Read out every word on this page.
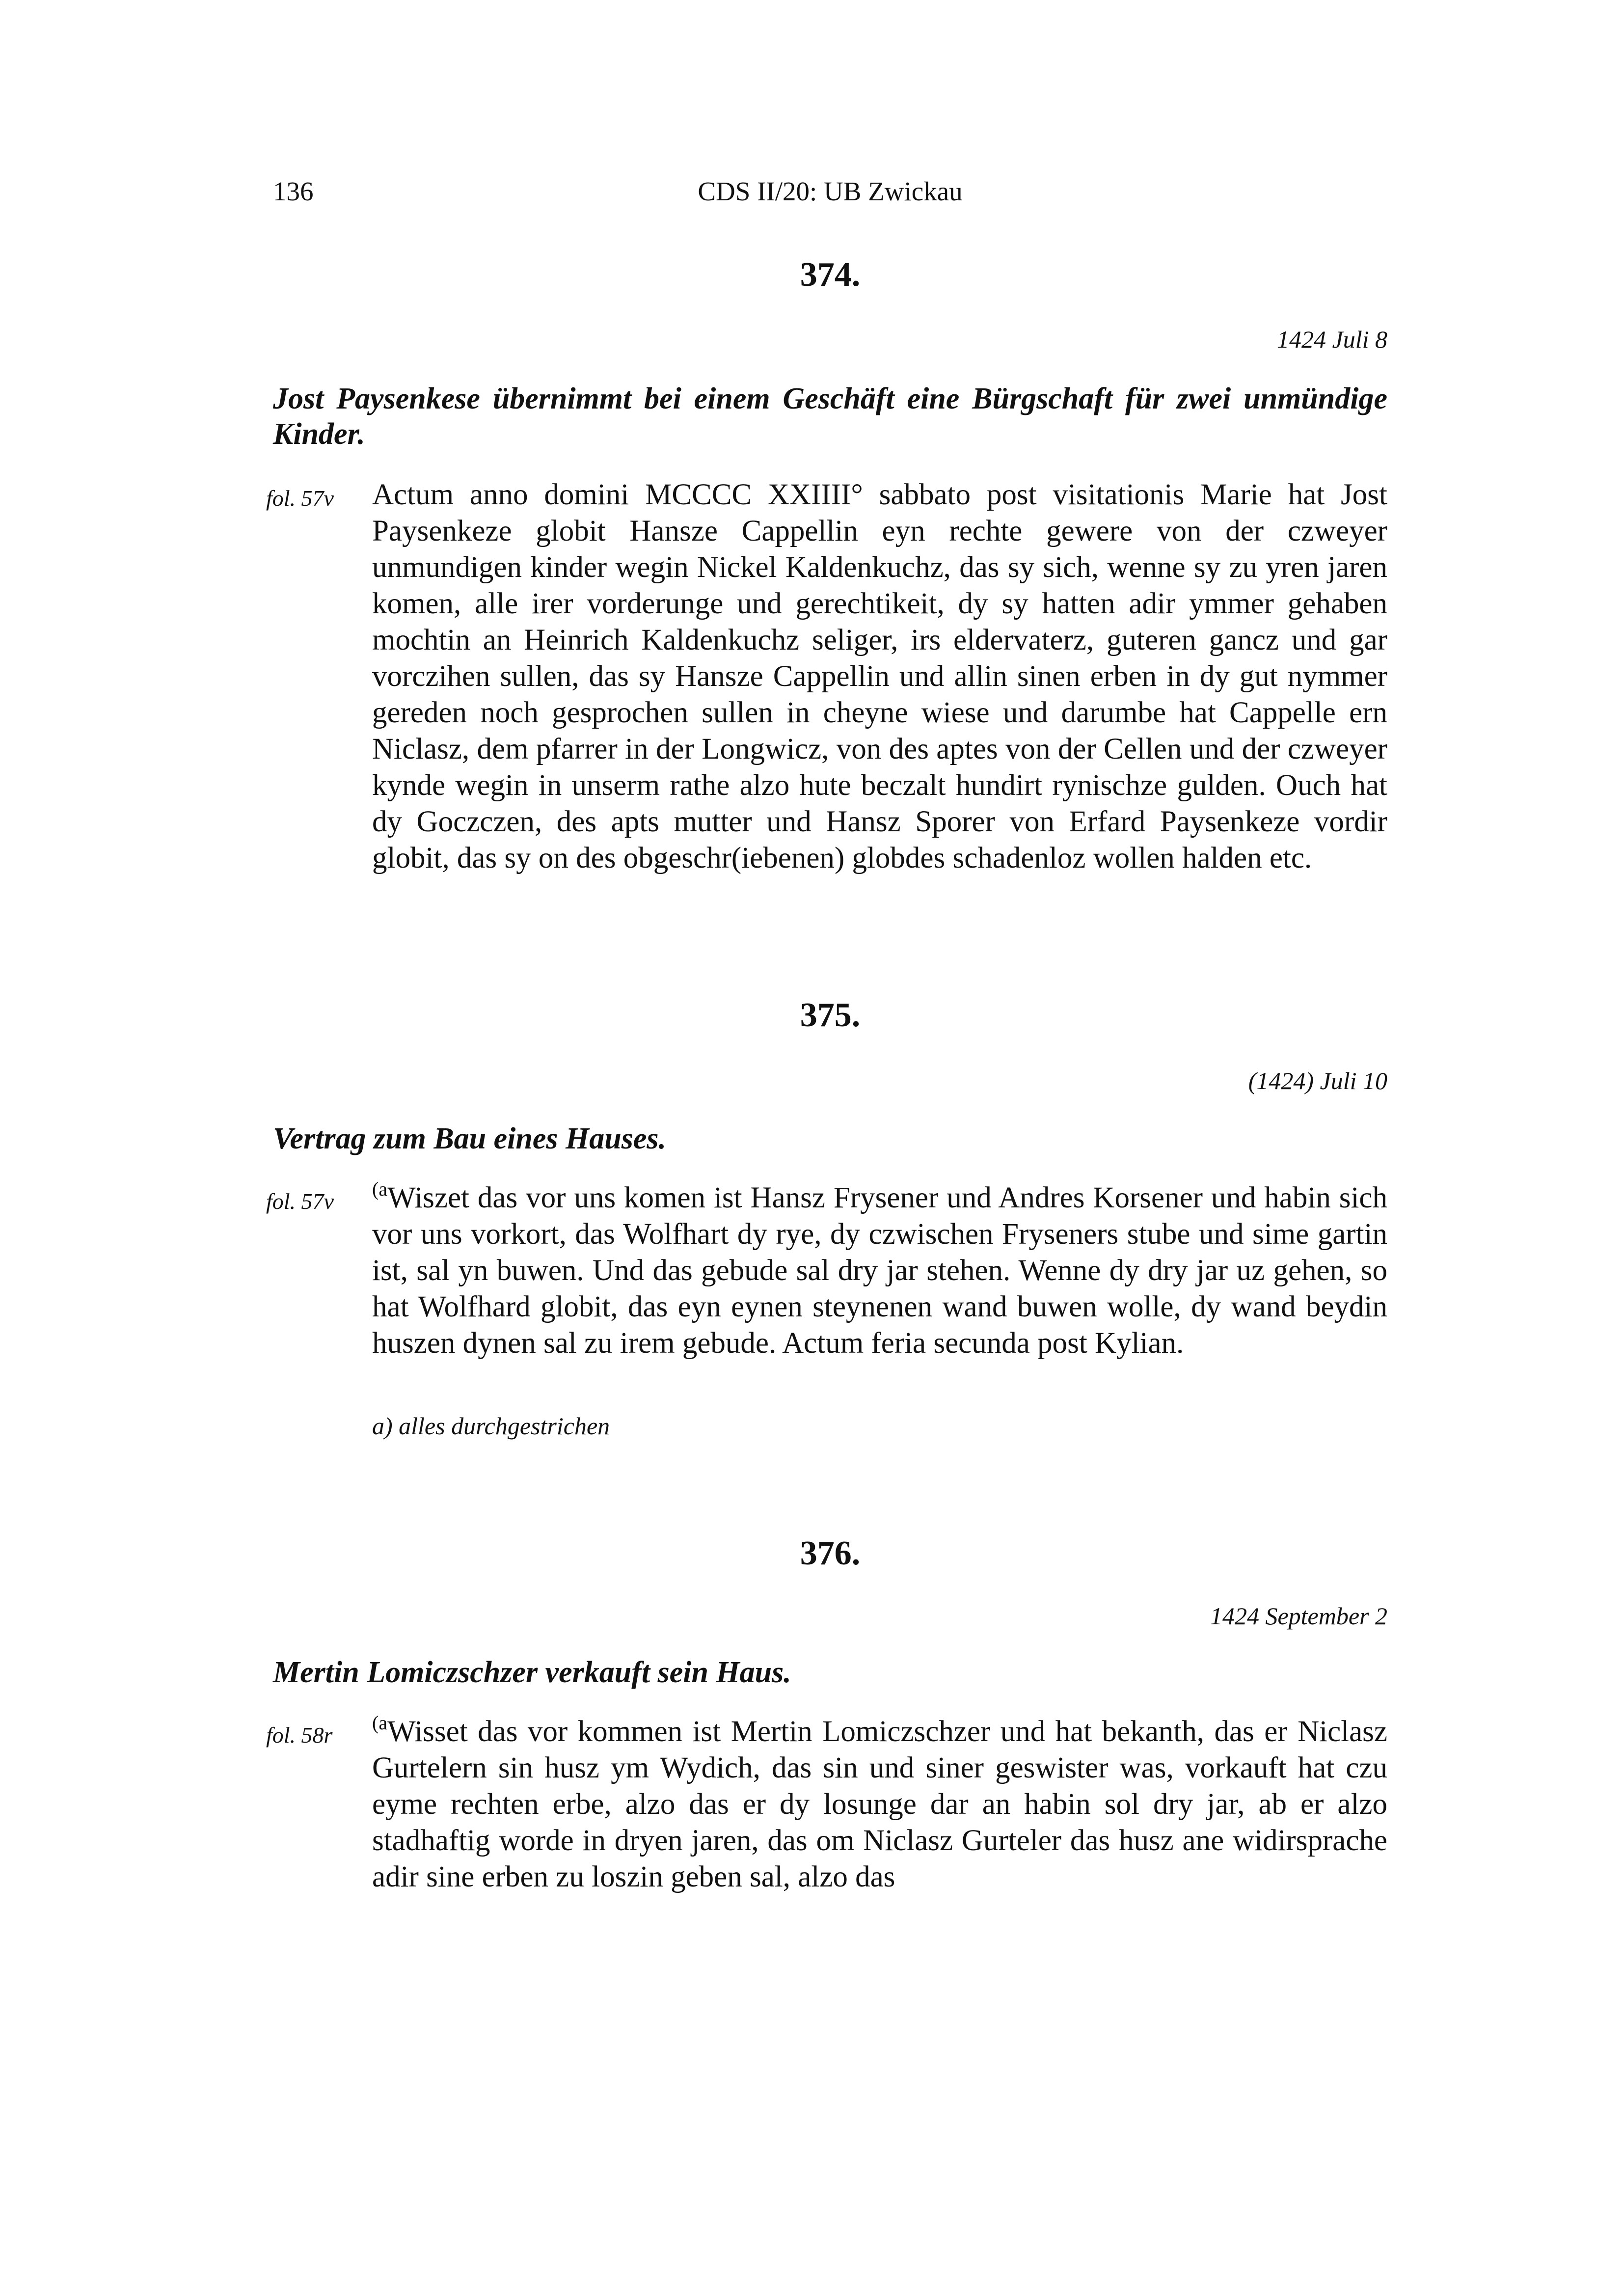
136	CDS II/20: UB Zwickau
374.
1424 Juli 8
Jost Paysenkese übernimmt bei einem Geschäft eine Bürgschaft für zwei unmündige Kinder.
fol. 57v Actum anno domini MCCCC XXIIII° sabbato post visitationis Marie hat Jost Paysenkeze globit Hansze Cappellin eyn rechte gewere von der czweyer unmundigen kinder wegin Nickel Kaldenkuchz, das sy sich, wenne sy zu yren jaren komen, alle irer vorderunge und gerechtikeit, dy sy hatten adir ymmer gehaben mochtin an Heinrich Kaldenkuchz seliger, irs eldervaterz, guteren gancz und gar vorczihen sullen, das sy Hansze Cappellin und allin sinen erben in dy gut nymmer gereden noch gesprochen sullen in cheyne wiese und darumbe hat Cappelle ern Niclasz, dem pfarrer in der Longwicz, von des aptes von der Cellen und der czweyer kynde wegin in unserm rathe alzo hute beczalt hundirt rynischze gulden. Ouch hat dy Goczczen, des apts mutter und Hansz Sporer von Erfard Paysenkeze vordir globit, das sy on des obgeschr(iebenen) globdes schadenloz wollen halden etc.
375.
(1424) Juli 10
Vertrag zum Bau eines Hauses.
fol. 57v $^{(a}$Wiszet das vor uns komen ist Hansz Frysener und Andres Korsener und habin sich vor uns vorkort, das Wolfhart dy rye, dy czwischen Fryseners stube und sime gartin ist, sal yn buwen. Und das gebude sal dry jar stehen. Wenne dy dry jar uz gehen, so hat Wolfhard globit, das eyn eynen steynenen wand buwen wolle, dy wand beydin huszen dynen sal zu irem gebude. Actum feria secunda post Kylian.
a) alles durchgestrichen
376.
1424 September 2
Mertin Lomiczschzer verkauft sein Haus.
fol. 58r $^{(a}$Wisset das vor kommen ist Mertin Lomiczschzer und hat bekanth, das er Niclasz Gurtelern sin husz ym Wydich, das sin und siner geswister was, vorkauft hat czu eyme rechten erbe, alzo das er dy losunge dar an habin sol dry jar, ab er alzo stadhaftig worde in dryen jaren, das om Niclasz Gurteler das husz ane widirsprache adir sine erben zu loszin geben sal, alzo das
